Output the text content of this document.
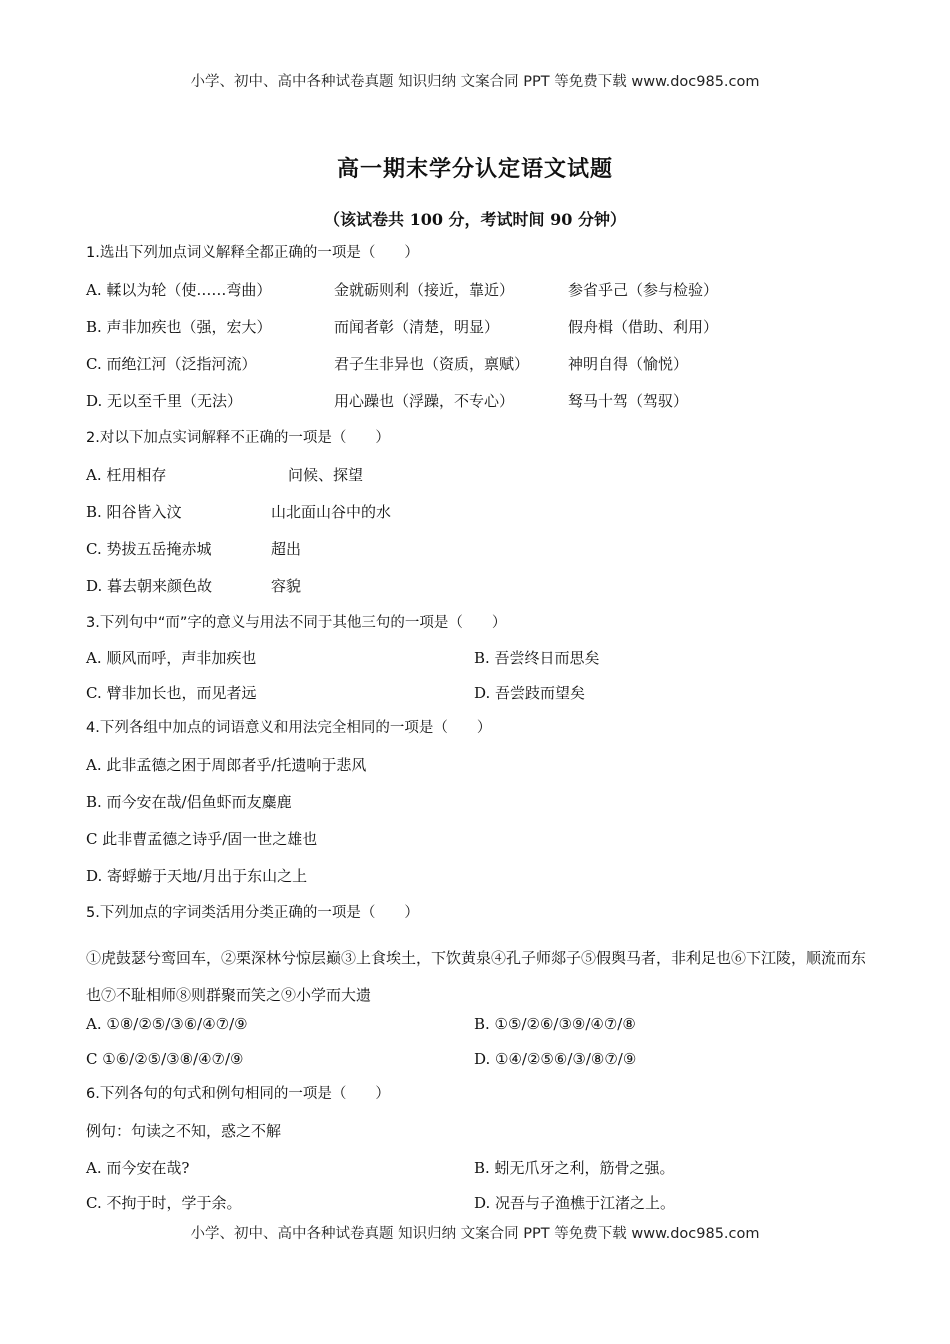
小学、初中、高中各种试卷真题 知识归纳 文案合同 PPT 等免费下载 www.doc985.com
高一期末学分认定语文试题
（该试卷共 100 分，考试时间 90 分钟）
1.选出下列加点词义解释全都正确的一项是（　　）
A. 輮以为轮（使……弯曲）	金就砺则利（接近，靠近）	参省乎己（参与检验）
B. 声非加疾也（强，宏大）	而闻者彰（清楚，明显）	假舟楫（借助、利用）
C. 而绝江河（泛指河流）	君子生非异也（资质，禀赋）	神明自得（愉悦）
D. 无以至千里（无法）	用心躁也（浮躁，不专心）	驽马十驾（驾驭）
2.对以下加点实词解释不正确的一项是（　　）
A. 枉用相存	问候、探望
B. 阳谷皆入汶	山北面山谷中的水
C. 势拔五岳掩赤城	超出
D. 暮去朝来颜色故	容貌
3.下列句中“而”字的意义与用法不同于其他三句的一项是（　　）
A. 顺风而呼，声非加疾也	B. 吾尝终日而思矣
C. 臂非加长也，而见者远	D. 吾尝跂而望矣
4.下列各组中加点的词语意义和用法完全相同的一项是（　　）
A. 此非孟德之困于周郎者乎/托遗响于悲风
B. 而今安在哉/侣鱼虾而友麋鹿
C 此非曹孟德之诗乎/固一世之雄也
D. 寄蜉蝣于天地/月出于东山之上
5.下列加点的字词类活用分类正确的一项是（　　）
①虎鼓瑟兮鸾回车，②栗深林兮惊层巅③上食埃土，下饮黄泉④孔子师郯子⑤假舆马者，非利足也⑥下江陵，顺流而东也⑦不耻相师⑧则群聚而笑之⑨小学而大遗
A. ①⑧/②⑤/③⑥/④⑦/⑨	B. ①⑤/②⑥/③⑨/④⑦/⑧
C ①⑥/②⑤/③⑧/④⑦/⑨	D. ①④/②⑤⑥/③/⑧⑦/⑨
6.下列各句的句式和例句相同的一项是（　　）
例句：句读之不知，惑之不解
A. 而今安在哉?	B. 蚓无爪牙之利，筋骨之强。
C. 不拘于时，学于余。	D. 况吾与子渔樵于江渚之上。
小学、初中、高中各种试卷真题 知识归纳 文案合同 PPT 等免费下载 www.doc985.com
